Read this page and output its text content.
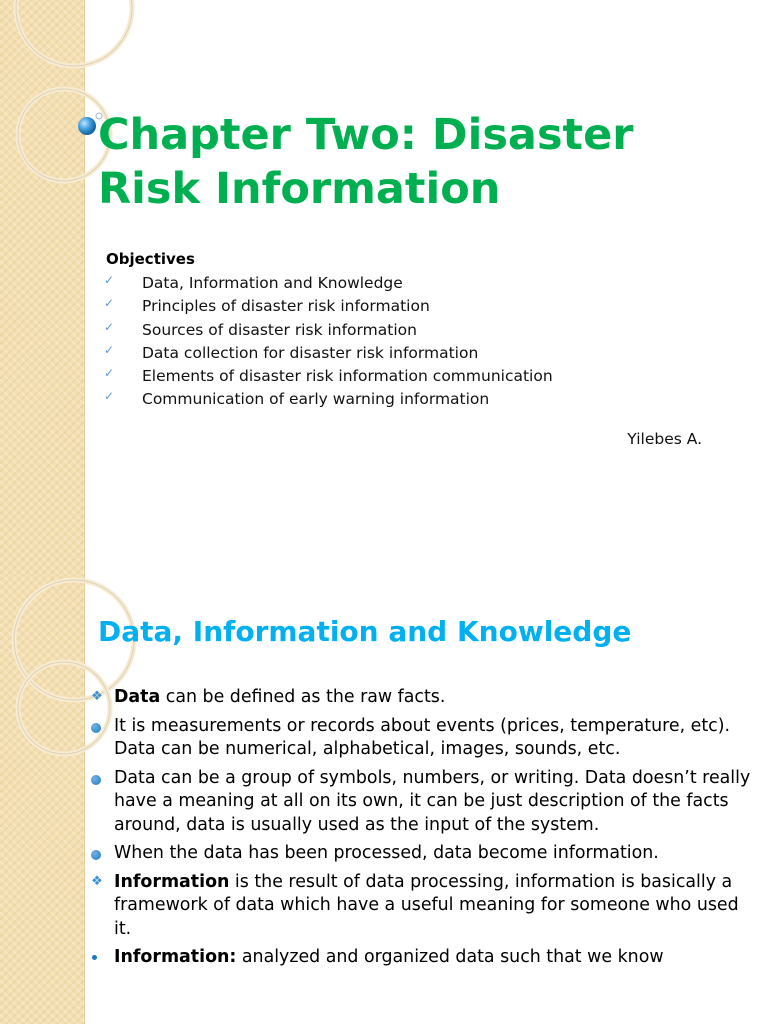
Chapter Two: Disaster
Risk Information
Objectives
✓ Data, Information and Knowledge
✓ Principles of disaster risk information
✓ Sources of disaster risk information
✓ Data collection for disaster risk information
✓ Elements of disaster risk information communication
✓ Communication of early warning information
Yilebes A.
Data, Information and Knowledge
❖ Data can be defined as the raw facts.
It is measurements or records about events (prices, temperature, etc). Data can be numerical, alphabetical, images, sounds, etc.
Data can be a group of symbols, numbers, or writing. Data doesn’t really have a meaning at all on its own, it can be just description of the facts around, data is usually used as the input of the system.
When the data has been processed, data become information.
❖ Information is the result of data processing, information is basically a framework of data which have a useful meaning for someone who used it.
Information: analyzed and organized data such that we know
